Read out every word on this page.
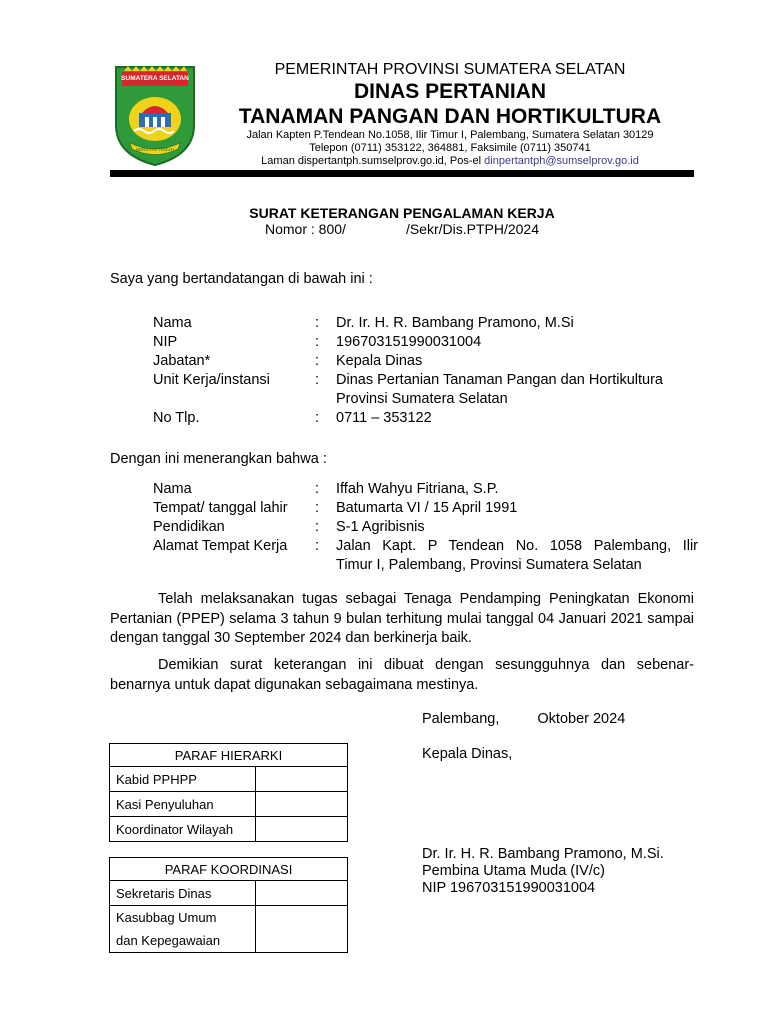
SUMATERA SELATAN
BERSATU TEGUH
PEMERINTAH PROVINSI SUMATERA SELATAN
DINAS PERTANIAN
TANAMAN PANGAN DAN HORTIKULTURA
Jalan Kapten P.Tendean No.1058, Ilir Timur I, Palembang, Sumatera Selatan 30129
Telepon (0711) 353122, 364881, Faksimile (0711) 350741
Laman dispertantph.sumselprov.go.id, Pos-el dinpertantph@sumselprov.go.id
SURAT KETERANGAN PENGALAMAN KERJA
Nomor : 800/	/Sekr/Dis.PTPH/2024
Saya yang bertandatangan di bawah ini :
Nama	:	Dr. Ir. H. R. Bambang Pramono, M.Si
NIP	:	196703151990031004
Jabatan*	:	Kepala Dinas
Unit Kerja/instansi	:	Dinas Pertanian Tanaman Pangan dan Hortikultura
Provinsi Sumatera Selatan
No Tlp.	:	0711 – 353122
Dengan ini menerangkan bahwa :
Nama	:	Iffah Wahyu Fitriana, S.P.
Tempat/ tanggal lahir	:	Batumarta VI / 15 April 1991
Pendidikan	:	S-1 Agribisnis
Alamat Tempat Kerja	:	Jalan Kapt. P Tendean No. 1058 Palembang, Ilir
Timur I, Palembang, Provinsi Sumatera Selatan
Telah melaksanakan tugas sebagai Tenaga Pendamping Peningkatan Ekonomi Pertanian (PPEP) selama 3 tahun 9 bulan terhitung mulai tanggal 04 Januari 2021 sampai dengan tanggal 30 September 2024 dan berkinerja baik.
Demikian surat keterangan ini dibuat dengan sesungguhnya dan sebenar-benarnya untuk dapat digunakan sebagaimana mestinya.
Palembang,	Oktober 2024
Kepala Dinas,
Dr. Ir. H. R. Bambang Pramono, M.Si.
Pembina Utama Muda (IV/c)
NIP 196703151990031004
PARAF HIERARKI	
Kabid PPHPP	
Kasi Penyuluhan	
Koordinator Wilayah	
PARAF KOORDINASI	
Sekretaris Dinas	
Kasubbag Umum
dan Kepegawaian	
